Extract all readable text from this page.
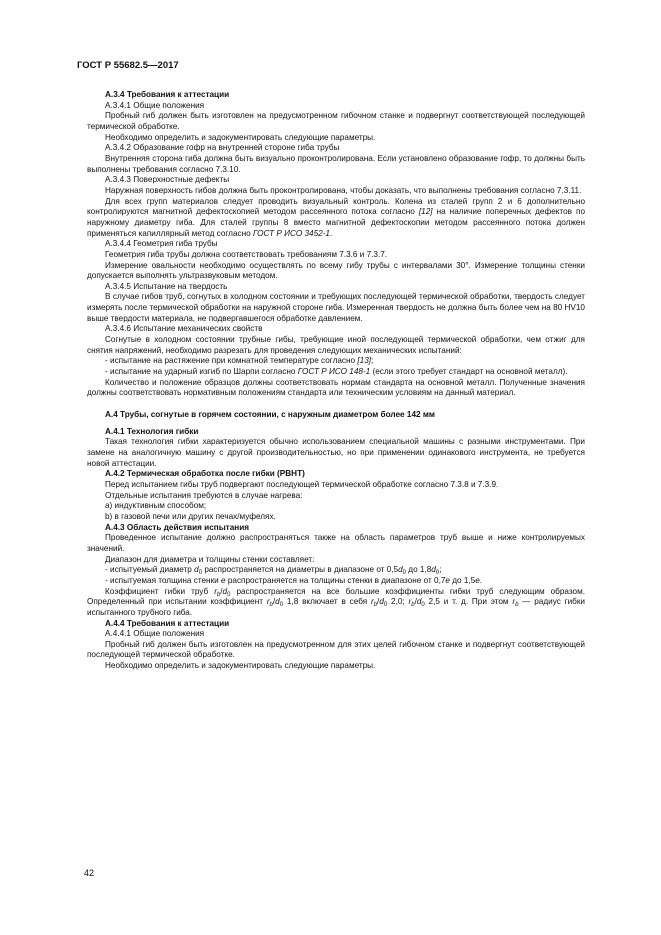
ГОСТ Р 55682.5—2017

А.3.4 Требования к аттестации

А.3.4.1 Общие положения

Пробный гиб должен быть изготовлен на предусмотренном гибочном станке и подвергнут соответствующей последующей термической обработке.

Необходимо определить и задокументировать следующие параметры.

А.3.4.2 Образование гофр на внутренней стороне гиба трубы

Внутренняя сторона гиба должна быть визуально проконтролирована. Если установлено образование гофр, то должны быть выполнены требования согласно 7.3.10.

А.3.4.3 Поверхностные дефекты

Наружная поверхность гибов должна быть проконтролирована, чтобы доказать, что выполнены требования согласно 7.3.11.

Для всех групп материалов следует проводить визуальный контроль. Колена из сталей групп 2 и 6 дополнительно контролируются магнитной дефектоскопией методом рассеянного потока согласно [12] на наличие поперечных дефектов по наружному диаметру гиба. Для сталей группы 8 вместо магнитной дефектоскопии методом рассеянного потока должен применяться капиллярный метод согласно ГОСТ Р ИСО 3452-1.

А.3.4.4 Геометрия гиба трубы

Геометрия гиба трубы должна соответствовать требованиям 7.3.6 и 7.3.7.

Измерение овальности необходимо осуществлять по всему гибу трубы с интервалами 30°. Измерение толщины стенки допускается выполнять ультразвуковым методом.

А.3.4.5 Испытание на твердость

В случае гибов труб, согнутых в холодном состоянии и требующих последующей термической обработки, твердость следует измерять после термической обработки на наружной стороне гиба. Измеренная твердость не должна быть более чем на 80 HV10 выше твердости материала, не подвергавшегося обработке давлением.

А.3.4.6 Испытание механических свойств

Согнутые в холодном состоянии трубные гибы, требующие иной последующей термической обработки, чем отжиг для снятия напряжений, необходимо разрезать для проведения следующих механических испытаний:

- испытание на растяжение при комнатной температуре согласно [13];

- испытание на ударный изгиб по Шарпи согласно ГОСТ Р ИСО 148-1 (если этого требует стандарт на основной металл).

Количество и положение образцов должны соответствовать нормам стандарта на основной металл. Полученные значения должны соответствовать нормативным положениям стандарта или техническим условиям на данный материал.

А.4 Трубы, согнутые в горячем состоянии, с наружным диаметром более 142 мм

А.4.1 Технология гибки

Такая технология гибки характеризуется обычно использованием специальной машины с разными инструментами. При замене на аналогичную машину с другой производительностью, но при применении одинакового инструмента, не требуется новой аттестации.

А.4.2 Термическая обработка после гибки (PBHT)

Перед испытанием гибы труб подвергают последующей термической обработке согласно 7.3.8 и 7.3.9.

Отдельные испытания требуются в случае нагрева:

а) индуктивным способом;

b) в газовой печи или других печах/муфелях.

А.4.3 Область действия испытания

Проведенное испытание должно распространяться также на область параметров труб выше и ниже контролируемых значений.

Диапазон для диаметра и толщины стенки составляет:

- испытуемый диаметр $d_0$ распространяется на диаметры в диапазоне от $0,5d_0$ до $1,8d_0$;

- испытуемая толщина стенки e распространяется на толщины стенки в диапазоне от 0,7e до 1,5e.

Коэффициент гибки труб $r_b/d_0$ распространяется на все большие коэффициенты гибки труб следующим образом. Определенный при испытании коэффициент $r_b/d_0$ 1,8 включает в себя $r_b/d_0$ 2,0; $r_b/d_0$ 2,5 и т. д. При этом $r_b$ — радиус гибки испытанного трубного гиба.

А.4.4 Требования к аттестации

А.4.4.1 Общие положения

Пробный гиб должен быть изготовлен на предусмотренном для этих целей гибочном станке и подвергнут соответствующей последующей термической обработке.

Необходимо определить и задокументировать следующие параметры.

42
